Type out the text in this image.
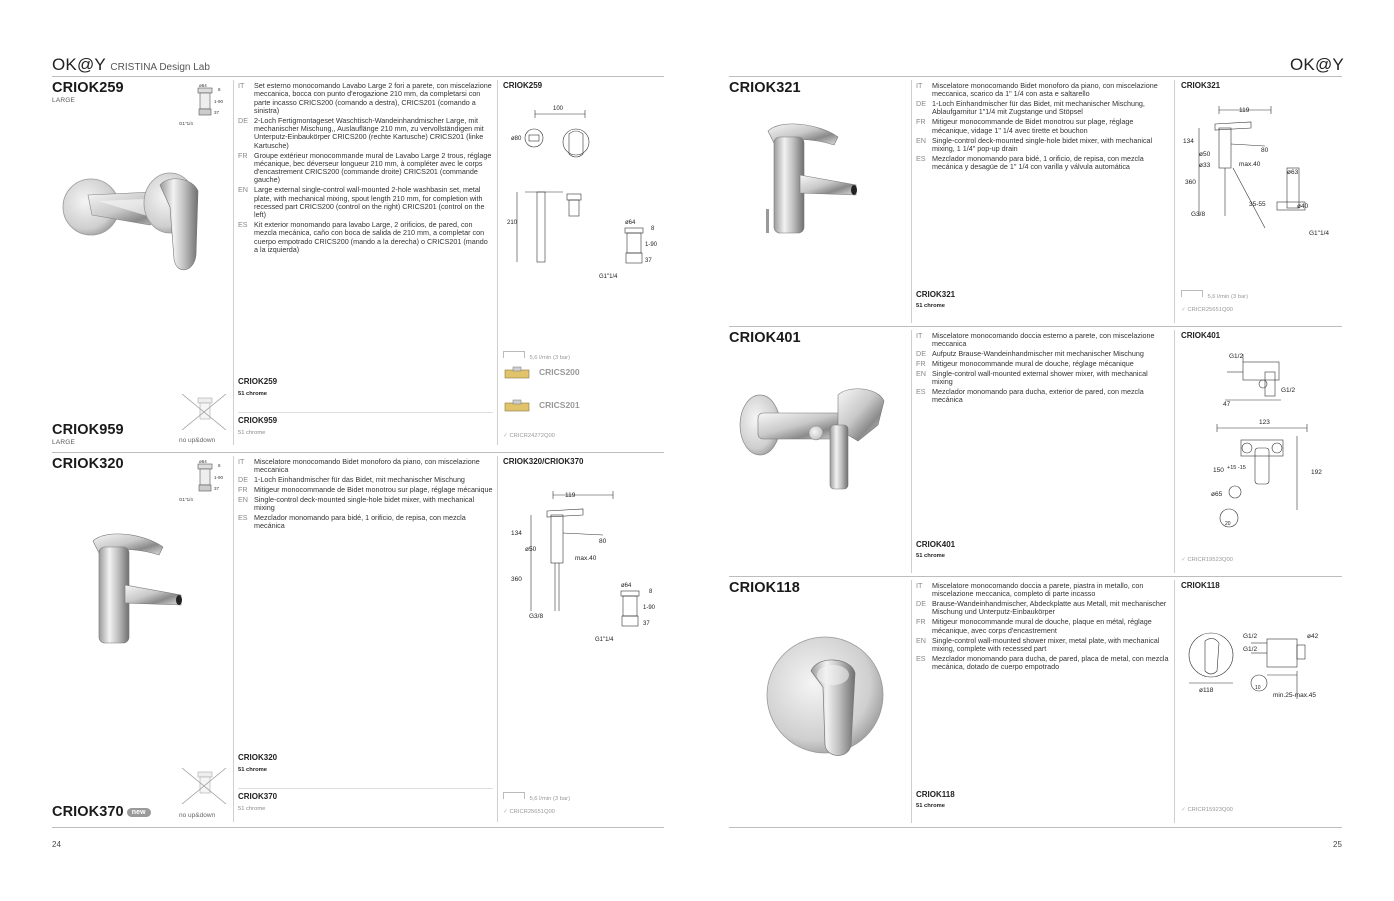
OK@Y CRISTINA Design Lab	OK@Y
CRIOK259
LARGE
ø64
8
1-90
37
G1"1/4
IT	Set esterno monocomando Lavabo Large 2 fori a parete, con miscelazione meccanica, bocca con punto d'erogazione 210 mm, da completarsi con parte incasso CRICS200 (comando a destra), CRICS201 (comando a sinistra)
DE 2-Loch Fertigmontageset Waschtisch-Wandeinhandmischer Large, mit mechanischer Mischung,, Auslauflänge 210 mm, zu vervollständigen mit Unterputz-Einbaukörper CRICS200 (rechte Kartusche) CRICS201 (linke Kartusche)
FR Groupe extérieur monocommande mural de Lavabo Large 2 trous, réglage mécanique, bec déverseur longueur 210 mm, à compléter avec le corps d'encastrement CRICS200 (commande droite) CRICS201 (commande gauche)
EN Large external single-control wall-mounted 2-hole washbasin set, metal plate, with mechanical mixing, spout length 210 mm, for completion with recessed part CRICS200 (control on the right) CRICS201 (control on the left)
ES Kit exterior monomando para lavabo Large, 2 orificios, de pared, con mezcla mecánica, caño con boca de salida de 210 mm, a completar con cuerpo empotrado CRICS200 (mando a la derecha) o CRICS201 (mando a la izquierda)
CRIOK259
100
ø80
210	ø64
8
1-90
37
G1"1/4
5,6 l/min (3 bar)
CRICS200
CRICS201
✓ CRICR24272Q00
CRIOK259
51 chrome
CRIOK959
51 chrome
no up&down
CRIOK959
LARGE
CRIOK320	ø64
8
1-90
37
G1"1/4
IT	Miscelatore monocomando Bidet monoforo da piano, con miscelazione meccanica
DE 1-Loch Einhandmischer für das Bidet, mit mechanischer Mischung
FR Mitigeur monocommande de Bidet monotrou sur plage, réglage mécanique
EN Single-control deck-mounted single-hole bidet mixer, with mechanical mixing
ES Mezclador monomando para bidé, 1 orificio, de repisa, con mezcla mecánica
CRIOK320/CRIOK370
119
134
ø50
80
max.40
360
G3/8
ø64
8
1-90
37
G1"1/4
5,6 l/min (3 bar)
✓ CRICR25651Q00
CRIOK320
51 chrome
CRIOK370
51 chrome
no up&down
CRIOK370 new
24
CRIOK321	IT	Miscelatore monocomando Bidet monoforo da piano, con miscelazione meccanica, scarico da 1" 1/4 con asta e saltarello
DE 1-Loch Einhandmischer für das Bidet, mit mechanischer Mischung, Ablaufgarnitur 1"1/4 mit Zugstange und Stöpsel
FR Mitigeur monocommande de Bidet monotrou sur plage, réglage mécanique, vidage 1" 1/4 avec tirette et bouchon
EN Single-control deck-mounted single-hole bidet mixer, with mechanical mixing, 1 1/4" pop-up drain
ES Mezclador monomando para bidé, 1 orificio, de repisa, con mezcla mecánica y desagüe de 1" 1/4 con varilla y válvula automática
CRIOK321
119
134
ø50
ø33
80
max.40
ø63
360
35-55	ø40
G3/8
G1"1/4
5,6 l/min (3 bar)
✓ CRICR25651Q00
CRIOK321
51 chrome
CRIOK401	IT	Miscelatore monocomando doccia esterno a parete, con miscelazione meccanica
DE Aufputz Brause-Wandeinhandmischer mit mechanischer Mischung
FR Mitigeur monocommande mural de douche, réglage mécanique
EN Single-control wall-mounted external shower mixer, with mechanical mixing
ES Mezclador monomando para ducha, exterior de pared, con mezcla mecánica
CRIOK401
G1/2
G1/2
47
123
150 +15 -15
192
ø65
20
✓ CRICR19523Q00
CRIOK401
51 chrome
CRIOK118	IT	Miscelatore monocomando doccia a parete, piastra in metallo, con miscelazione meccanica, completo di parte incasso
DE Brause-Wandeinhandmischer, Abdeckplatte aus Metall, mit mechanischer Mischung und Unterputz-Einbaukörper
FR Mitigeur monocommande mural de douche, plaque en métal, réglage mécanique, avec corps d'encastrement
EN Single-control wall-mounted shower mixer, metal plate, with mechanical mixing, complete with recessed part
ES Mezclador monomando para ducha, de pared, placa de metal, con mezcla mecánica, dotado de cuerpo empotrado
CRIOK118
G1/2
G1/2
ø42
ø118	10
min.25-max.45
✓ CRICR15923Q00
CRIOK118
51 chrome
25
